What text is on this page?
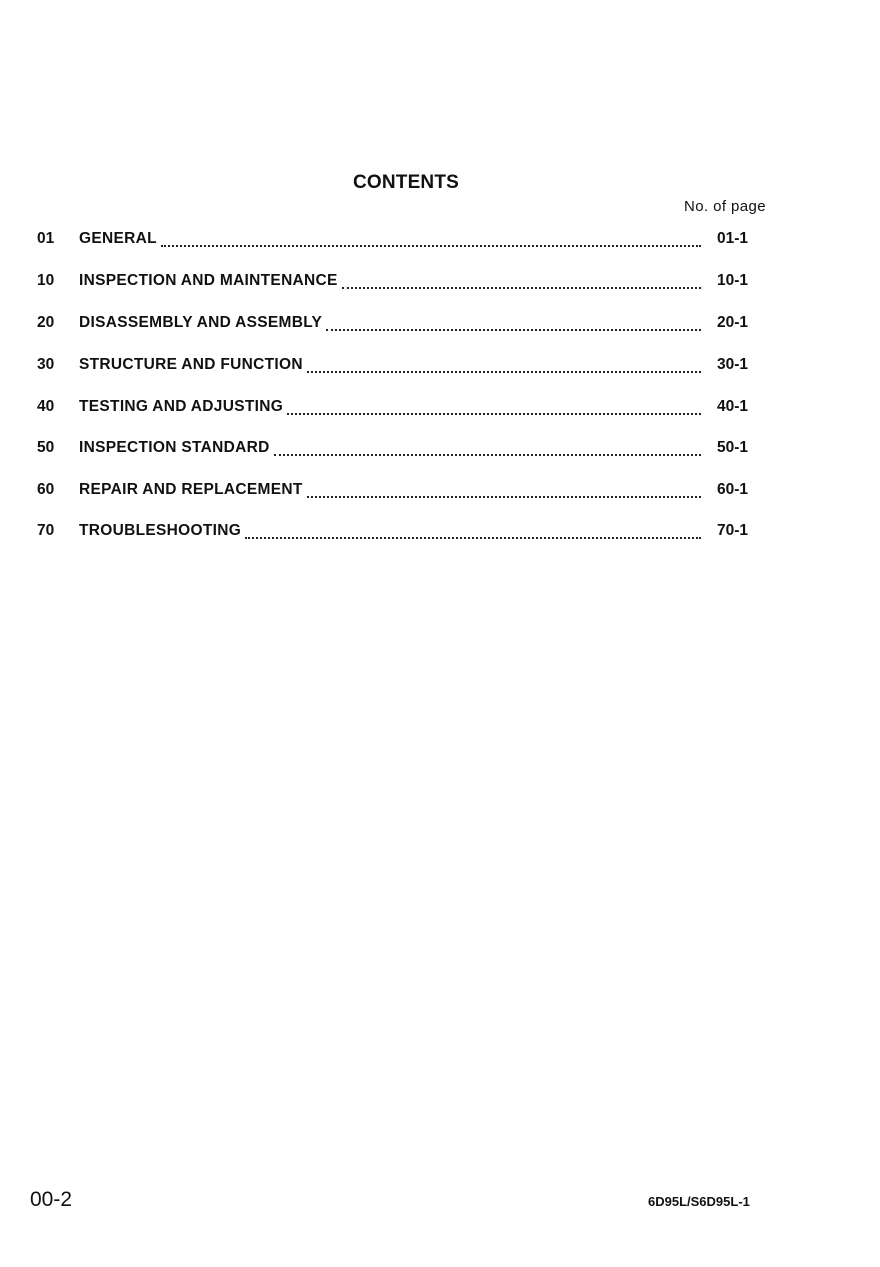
CONTENTS
No. of page
01	GENERAL	01-1
10	INSPECTION AND MAINTENANCE	10-1
20	DISASSEMBLY AND ASSEMBLY	20-1
30	STRUCTURE AND FUNCTION	30-1
40	TESTING AND ADJUSTING	40-1
50	INSPECTION STANDARD	50-1
60	REPAIR AND REPLACEMENT	60-1
70	TROUBLESHOOTING	70-1
00-2	6D95L/S6D95L-1
